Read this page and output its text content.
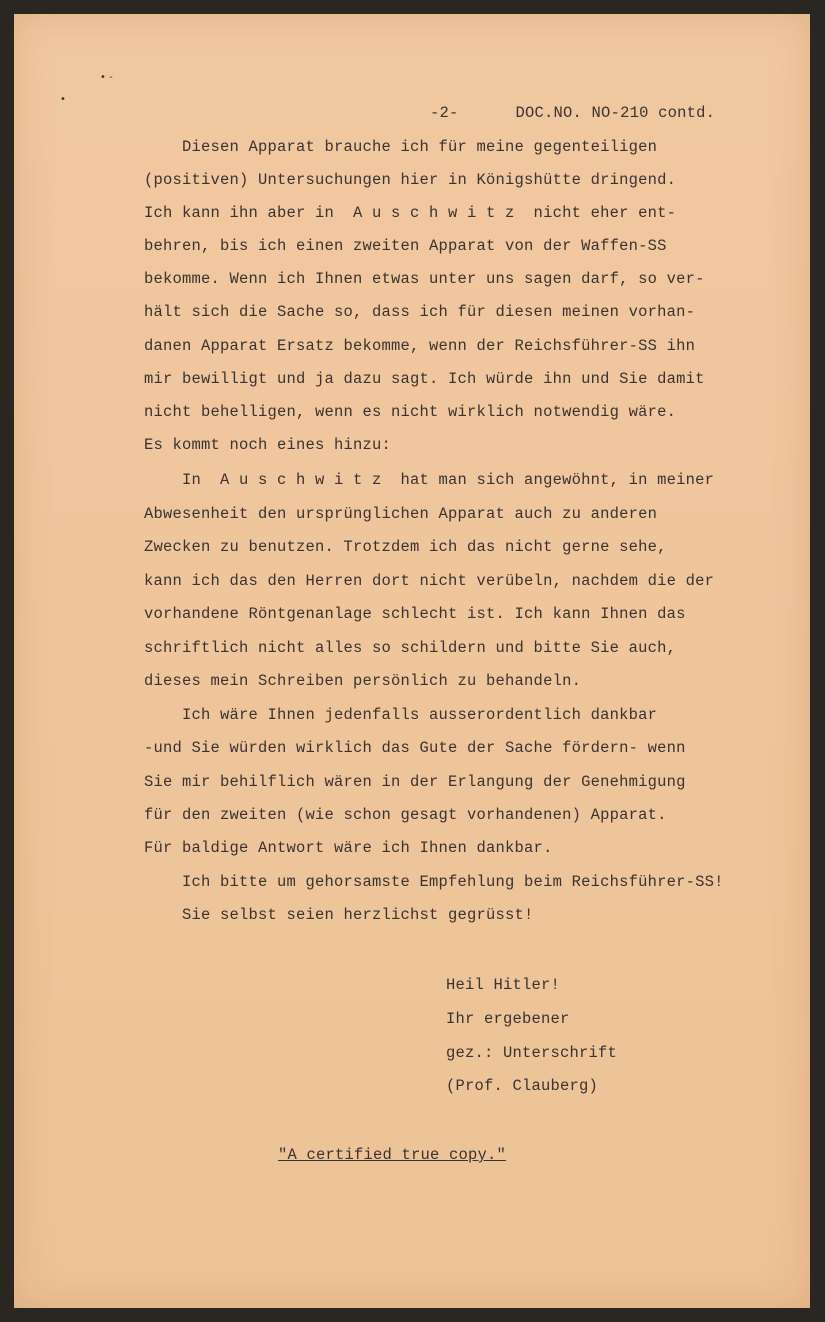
• -
•

-2-	DOC.NO. NO-210 contd.

Diesen Apparat brauche ich für meine gegenteiligen
(positiven) Untersuchungen hier in Königshütte dringend.
Ich kann ihn aber in  A u s c h w i t z  nicht eher ent-
behren, bis ich einen zweiten Apparat von der Waffen-SS
bekomme. Wenn ich Ihnen etwas unter uns sagen darf, so ver-
hält sich die Sache so, dass ich für diesen meinen vorhan-
danen Apparat Ersatz bekomme, wenn der Reichsführer-SS ihn
mir bewilligt und ja dazu sagt. Ich würde ihn und Sie damit
nicht behelligen, wenn es nicht wirklich notwendig wäre.
Es kommt noch eines hinzu:
In  A u s c h w i t z  hat man sich angewöhnt, in meiner
Abwesenheit den ursprünglichen Apparat auch zu anderen
Zwecken zu benutzen. Trotzdem ich das nicht gerne sehe,
kann ich das den Herren dort nicht verübeln, nachdem die der
vorhandene Röntgenanlage schlecht ist. Ich kann Ihnen das
schriftlich nicht alles so schildern und bitte Sie auch,
dieses mein Schreiben persönlich zu behandeln.
Ich wäre Ihnen jedenfalls ausserordentlich dankbar
-und Sie würden wirklich das Gute der Sache fördern- wenn
Sie mir behilflich wären in der Erlangung der Genehmigung
für den zweiten (wie schon gesagt vorhandenen) Apparat.
Für baldige Antwort wäre ich Ihnen dankbar.
Ich bitte um gehorsamste Empfehlung beim Reichsführer-SS!
Sie selbst seien herzlichst gegrüsst!
Heil Hitler!
Ihr ergebener
gez.: Unterschrift
(Prof. Clauberg)
"A certified true copy."
